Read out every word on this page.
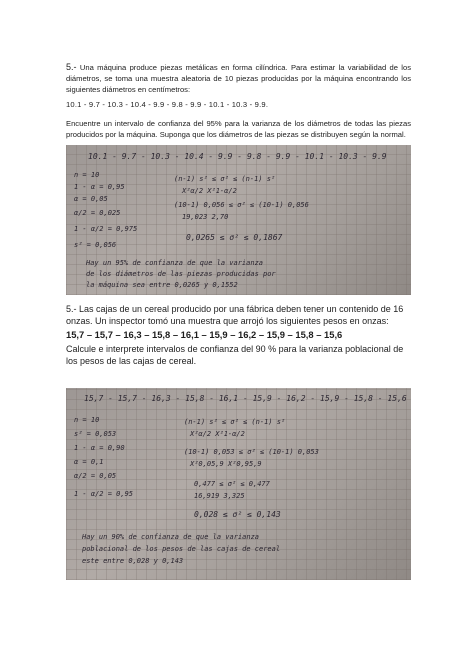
5.- Una máquina produce piezas metálicas en forma cilíndrica. Para estimar la variabilidad de los diámetros, se toma una muestra aleatoria de 10 piezas producidas por la máquina encontrando los siguientes diámetros en centímetros:
10.1 - 9.7 - 10.3 - 10.4 - 9.9 - 9.8 - 9.9 - 10.1 - 10.3 - 9.9.
Encuentre un intervalo de confianza del 95% para la varianza de los diámetros de todas las piezas producidos por la máquina. Suponga que los diámetros de las piezas se distribuyen según la normal.
10.1 - 9.7 - 10.3 - 10.4 - 9.9 - 9.8 - 9.9 - 10.1 - 10.3 - 9.9
n = 10
1 - α = 0,95
α = 0,05
α/2 = 0,025
1 - α/2 = 0,975
s² = 0,056
(n-1) s² ≤ σ² ≤ (n-1) s²
X²α/2 X²1-α/2
(10-1) 0,056 ≤ σ² ≤ (10-1) 0,056
19,023 2,70
0,0265 ≤ σ² ≤ 0,1867
Hay un 95% de confianza de que la varianza
de los diámetros de las piezas producidas por
la máquina sea entre 0,0265 y 0,1552
5.- Las cajas de un cereal producido por una fábrica deben tener un contenido de 16 onzas. Un inspector tomó una muestra que arrojó los siguientes pesos en onzas:
15,7 – 15,7 – 16,3 – 15,8 – 16,1 – 15,9 – 16,2 – 15,9 – 15,8 – 15,6
Calcule e interprete intervalos de confianza del 90 % para la varianza poblacional de los pesos de las cajas de cereal.
15,7 - 15,7 - 16,3 - 15,8 - 16,1 - 15,9 - 16,2 - 15,9 - 15,8 - 15,6
n = 10
s² = 0,053
1 - α = 0,90
α = 0,1
α/2 = 0,05
1 - α/2 = 0,95
(n-1) s² ≤ σ² ≤ (n-1) s²
X²α/2 X²1-α/2
(10-1) 0,053 ≤ σ² ≤ (10-1) 0,053
X²0,05,9 X²0,95,9
0,477 ≤ σ² ≤ 0,477
16,919 3,325
0,028 ≤ σ² ≤ 0,143
Hay un 90% de confianza de que la varianza
poblacional de los pesos de las cajas de cereal
este entre 0,028 y 0,143
